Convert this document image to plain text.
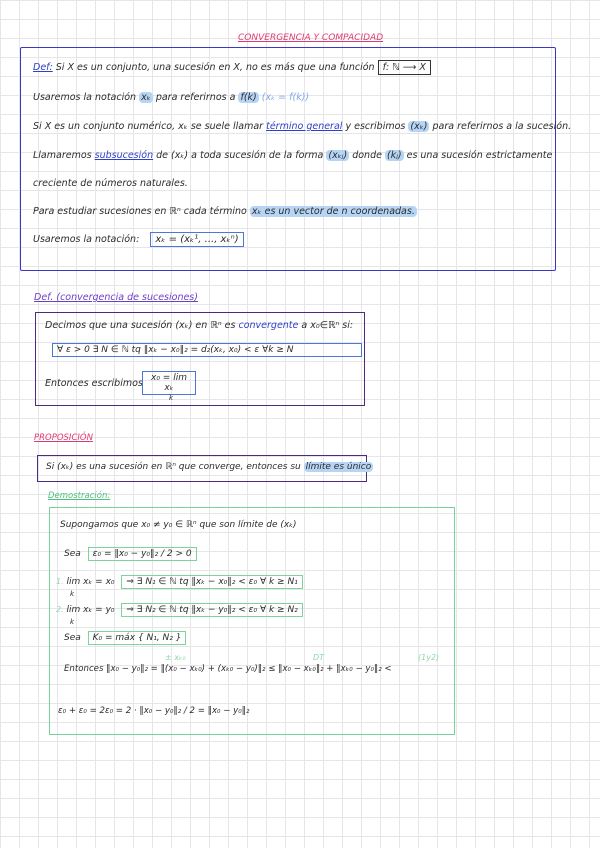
CONVERGENCIA Y COMPACIDAD
Def: Si X es un conjunto, una sucesión en X, no es más que una función f: ℕ ⟶ X
Usaremos la notación xₖ para referirnos a f(k) (xₖ = f(k))
Si X es un conjunto numérico, xₖ se suele llamar término general y escribimos (xₖ) para referirnos a la sucesión.
Llamaremos subsucesión de (xₖ) a toda sucesión de la forma (xₖⱼ) donde (kⱼ) es una sucesión estrictamente
creciente de números naturales.
Para estudiar sucesiones en ℝⁿ cada término xₖ es un vector de n coordenadas.
Usaremos la notación: xₖ = (xₖ¹, ..., xₖⁿ)
Def. (convergencia de sucesiones)
Decimos que una sucesión (xₖ) en ℝⁿ es convergente a x₀∈ℝⁿ si:
∀ ε > 0 ∃ N ∈ ℕ tq ‖xₖ − x₀‖₂ = d₂(xₖ, x₀) < ε ∀k ≥ N
Entonces escribimos x₀ = lim xₖ
k
PROPOSICIÓN
Si (xₖ) es una sucesión en ℝⁿ que converge, entonces su límite es único
Demostración:
Supongamos que x₀ ≠ y₀ ∈ ℝⁿ que son límite de (xₖ)
Sea ε₀ = ‖x₀ − y₀‖₂ / 2 > 0
1. lim xₖ = x₀ ⇒ ∃ N₁ ∈ ℕ tq ‖xₖ − x₀‖₂ < ε₀ ∀ k ≥ N₁
k
2. lim xₖ = y₀ ⇒ ∃ N₂ ∈ ℕ tq ‖xₖ − y₀‖₂ < ε₀ ∀ k ≥ N₂
k
Sea K₀ = máx { N₁, N₂ }
± xₖ₀	DT	(1y2)
Entonces ‖x₀ − y₀‖₂ = ‖(x₀ − xₖ₀) + (xₖ₀ − y₀)‖₂ ≤ ‖x₀ − xₖ₀‖₂ + ‖xₖ₀ − y₀‖₂ <
ε₀ + ε₀ = 2ε₀ = 2 · ‖x₀ − y₀‖₂ / 2 = ‖x₀ − y₀‖₂
